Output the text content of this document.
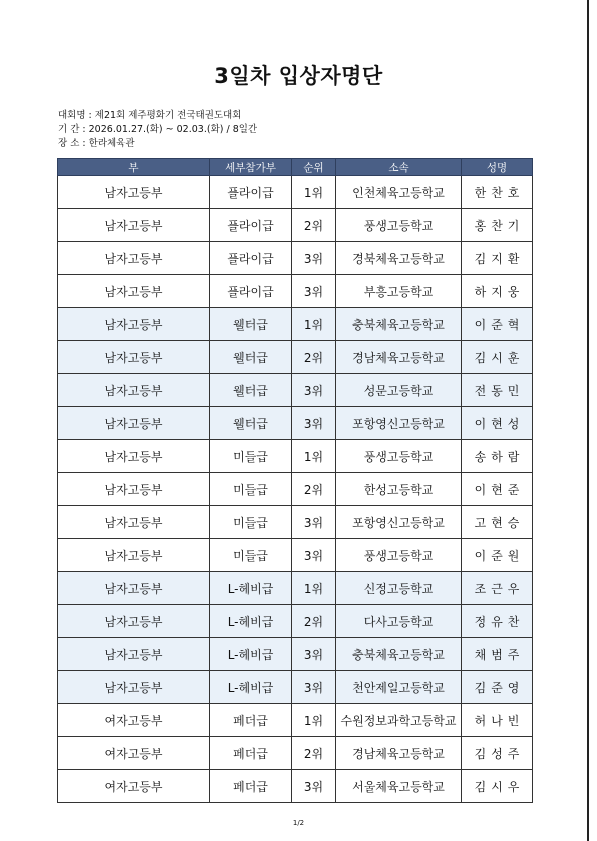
3일차 입상자명단
대회명 : 제21회 제주평화기 전국태권도대회
기 간 : 2026.01.27.(화) ~ 02.03.(화) / 8일간
장 소 : 한라체육관
부	세부참가부	순위	소속	성명
남자고등부	플라이급	1위	인천체육고등학교	한찬호
남자고등부	플라이급	2위	풍생고등학교	홍찬기
남자고등부	플라이급	3위	경북체육고등학교	김지환
남자고등부	플라이급	3위	부흥고등학교	하지웅
남자고등부	웰터급	1위	충북체육고등학교	이준혁
남자고등부	웰터급	2위	경남체육고등학교	김시훈
남자고등부	웰터급	3위	성문고등학교	전동민
남자고등부	웰터급	3위	포항영신고등학교	이현성
남자고등부	미들급	1위	풍생고등학교	송하람
남자고등부	미들급	2위	한성고등학교	이현준
남자고등부	미들급	3위	포항영신고등학교	고현승
남자고등부	미들급	3위	풍생고등학교	이준원
남자고등부	L-헤비급	1위	신정고등학교	조근우
남자고등부	L-헤비급	2위	다사고등학교	정유찬
남자고등부	L-헤비급	3위	충북체육고등학교	채범주
남자고등부	L-헤비급	3위	천안제일고등학교	김준영
여자고등부	페더급	1위	수원정보과학고등학교	허나빈
여자고등부	페더급	2위	경남체육고등학교	김성주
여자고등부	페더급	3위	서울체육고등학교	김시우
1/2
